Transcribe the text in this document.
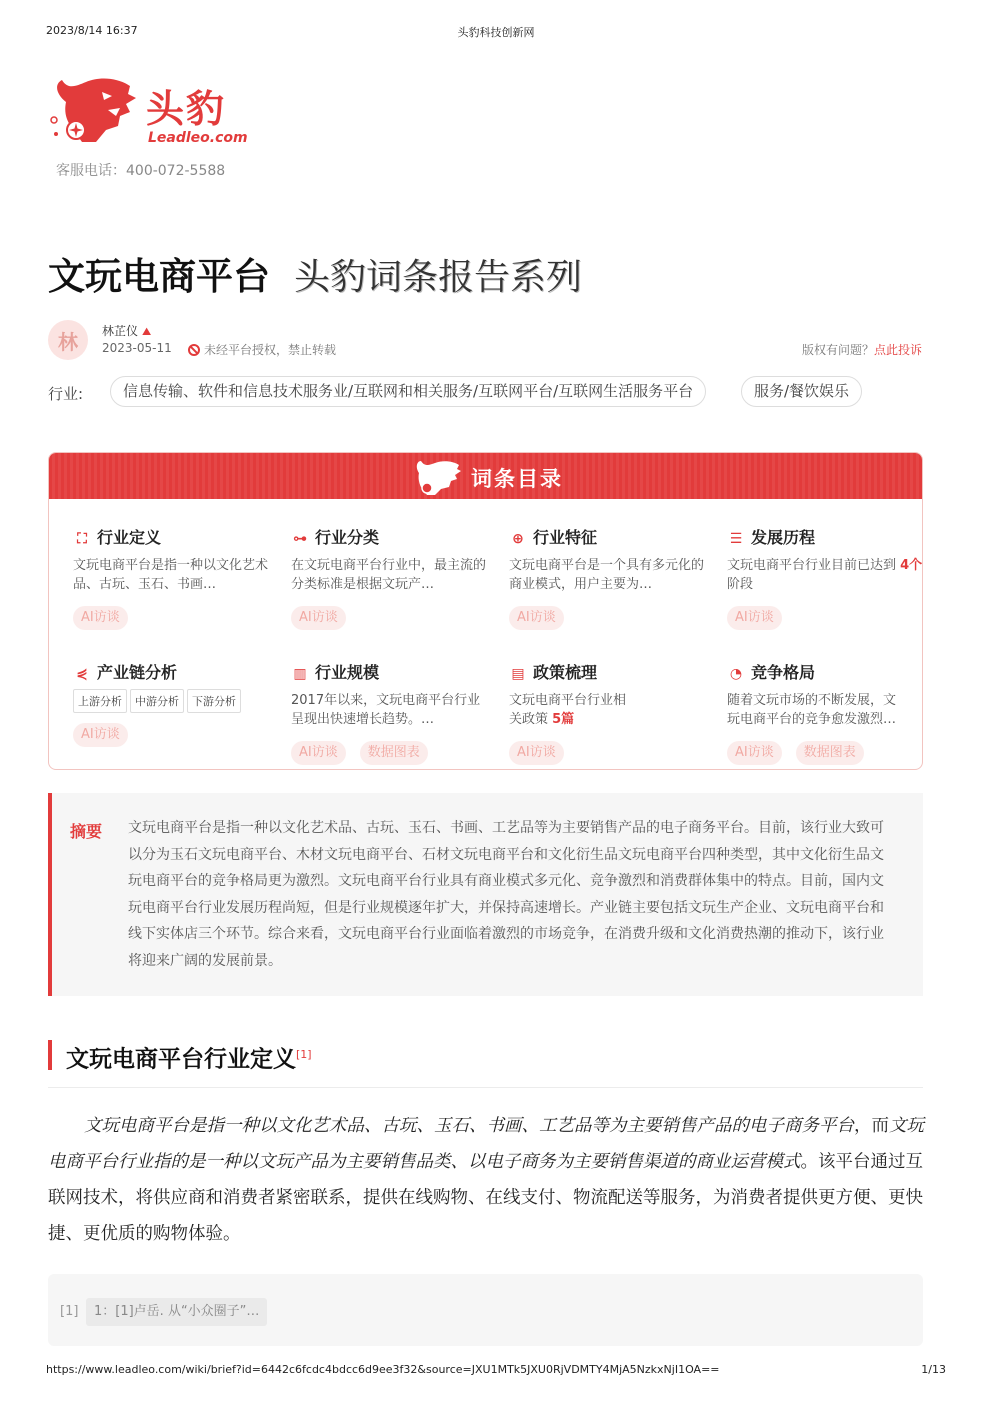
2023/8/14 16:37	头豹科技创新网
头豹
Leadleo.com
客服电话：400-072-5588
文玩电商平台 头豹词条报告系列
林	林芷仪 ⛰
2023-05-11	未经平台授权，禁止转载	版权有问题？点此投诉
行业:	信息传输、软件和信息技术服务业/互联网和相关服务/互联网平台/互联网生活服务平台	服务/餐饮娱乐
词条目录
⛶ 行业定义
文玩电商平台是指一种以文化艺术品、古玩、玉石、书画…
AI访谈
⊶ 行业分类
在文玩电商平台行业中，最主流的分类标准是根据文玩产…
AI访谈
⊕ 行业特征
文玩电商平台是一个具有多元化的商业模式，用户主要为…
AI访谈
☰ 发展历程
文玩电商平台行业目前已达到 4个阶段
AI访谈
⋞ 产业链分析
上游分析 中游分析 下游分析
AI访谈
▥ 行业规模
2017年以来，文玩电商平台行业呈现出快速增长趋势。…
AI访谈 数据图表
▤ 政策梳理
文玩电商平台行业相关政策 5篇
AI访谈
◔ 竞争格局
随着文玩市场的不断发展，文玩电商平台的竞争愈发激烈…
AI访谈 数据图表
摘要 文玩电商平台是指一种以文化艺术品、古玩、玉石、书画、工艺品等为主要销售产品的电子商务平台。目前，该行业大致可以分为玉石文玩电商平台、木材文玩电商平台、石材文玩电商平台和文化衍生品文玩电商平台四种类型，其中文化衍生品文玩电商平台的竞争格局更为激烈。文玩电商平台行业具有商业模式多元化、竞争激烈和消费群体集中的特点。目前，国内文玩电商平台行业发展历程尚短，但是行业规模逐年扩大，并保持高速增长。产业链主要包括文玩生产企业、文玩电商平台和线下实体店三个环节。综合来看，文玩电商平台行业面临着激烈的市场竞争，在消费升级和文化消费热潮的推动下，该行业将迎来广阔的发展前景。
文玩电商平台行业定义[1]

文玩电商平台是指一种以文化艺术品、古玩、玉石、书画、工艺品等为主要销售产品的电子商务平台，而文玩电商平台行业指的是一种以文玩产品为主要销售品类、以电子商务为主要销售渠道的商业运营模式。该平台通过互联网技术，将供应商和消费者紧密联系，提供在线购物、在线支付、物流配送等服务，为消费者提供更方便、更快捷、更优质的购物体验。

[1]	1：[1]卢岳. 从“小众圈子”…
https://www.leadleo.com/wiki/brief?id=6442c6fcdc4bdcc6d9ee3f32&source=JXU1MTk5JXU0RjVDMTY4MjA5NzkxNjI1OA==	1/13
